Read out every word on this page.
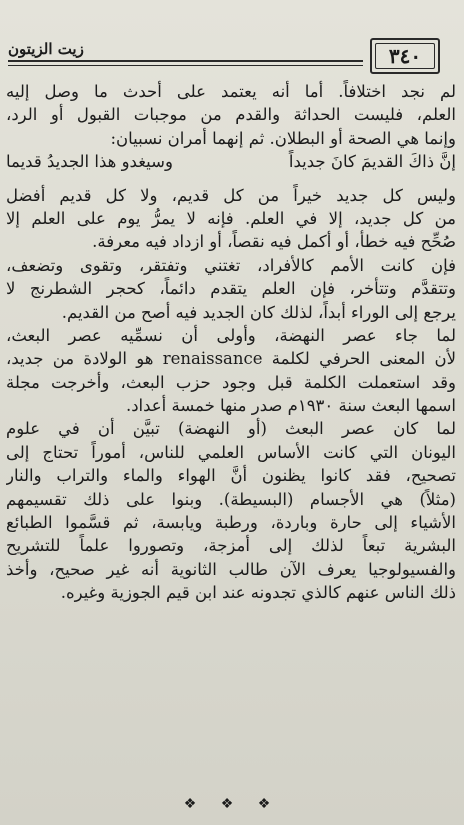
زيت الزيتون	٣٤٠
لم نجد اختلافاً. أما أنه يعتمد على أحدث ما وصل إليه
العلم، فليست الحداثة والقدم من موجبات القبول أو الرد،
وإنما هي الصحة أو البطلان. ثم إنهما أمران نسبيان:
إنَّ ذاكَ القديمَ كانَ جديداً
وسيغدو هذا الجديدُ قديما
وليس كل جديد خيراً من كل قديم، ولا كل قديم أفضل
من كل جديد، إلا في العلم. فإنه لا يمرُّ يوم على العلم إلا
صُحِّح فيه خطأ، أو أكمل فيه نقصاً، أو ازداد فيه معرفة.
فإن كانت الأمم كالأفراد، تغتني وتفتقر، وتقوى وتضعف،
وتتقدَّم وتتأخر، فإن العلم يتقدم دائماً، كحجر الشطرنج لا
يرجع إلى الوراء أبداً، لذلك كان الجديد فيه أصح من القديم.
لما جاء عصر النهضة، وأولى أن نسمِّيه عصر البعث،
لأن المعنى الحرفي لكلمة renaissance هو الولادة من جديد،
وقد استعملت الكلمة قبل وجود حزب البعث، وأخرجت مجلة
اسمها البعث سنة ١٩٣٠م صدر منها خمسة أعداد.
لما كان عصر البعث (أو النهضة) تبيَّن أن في علوم
اليونان التي كانت الأساس العلمي للناس، أموراً تحتاج إلى
تصحيح، فقد كانوا يظنون أنَّ الهواء والماء والتراب والنار
(مثلاً) هي الأجسام (البسيطة). وبنوا على ذلك تقسيمهم
الأشياء إلى حارة وباردة، ورطبة ويابسة، ثم قسَّموا الطبائع
البشرية تبعاً لذلك إلى أمزجة، وتصوروا علماً للتشريح
والفسيولوجيا يعرف الآن طالب الثانوية أنه غير صحيح، وأخذ
ذلك الناس عنهم كالذي تجدونه عند ابن قيم الجوزية وغيره.
❖ ❖ ❖
